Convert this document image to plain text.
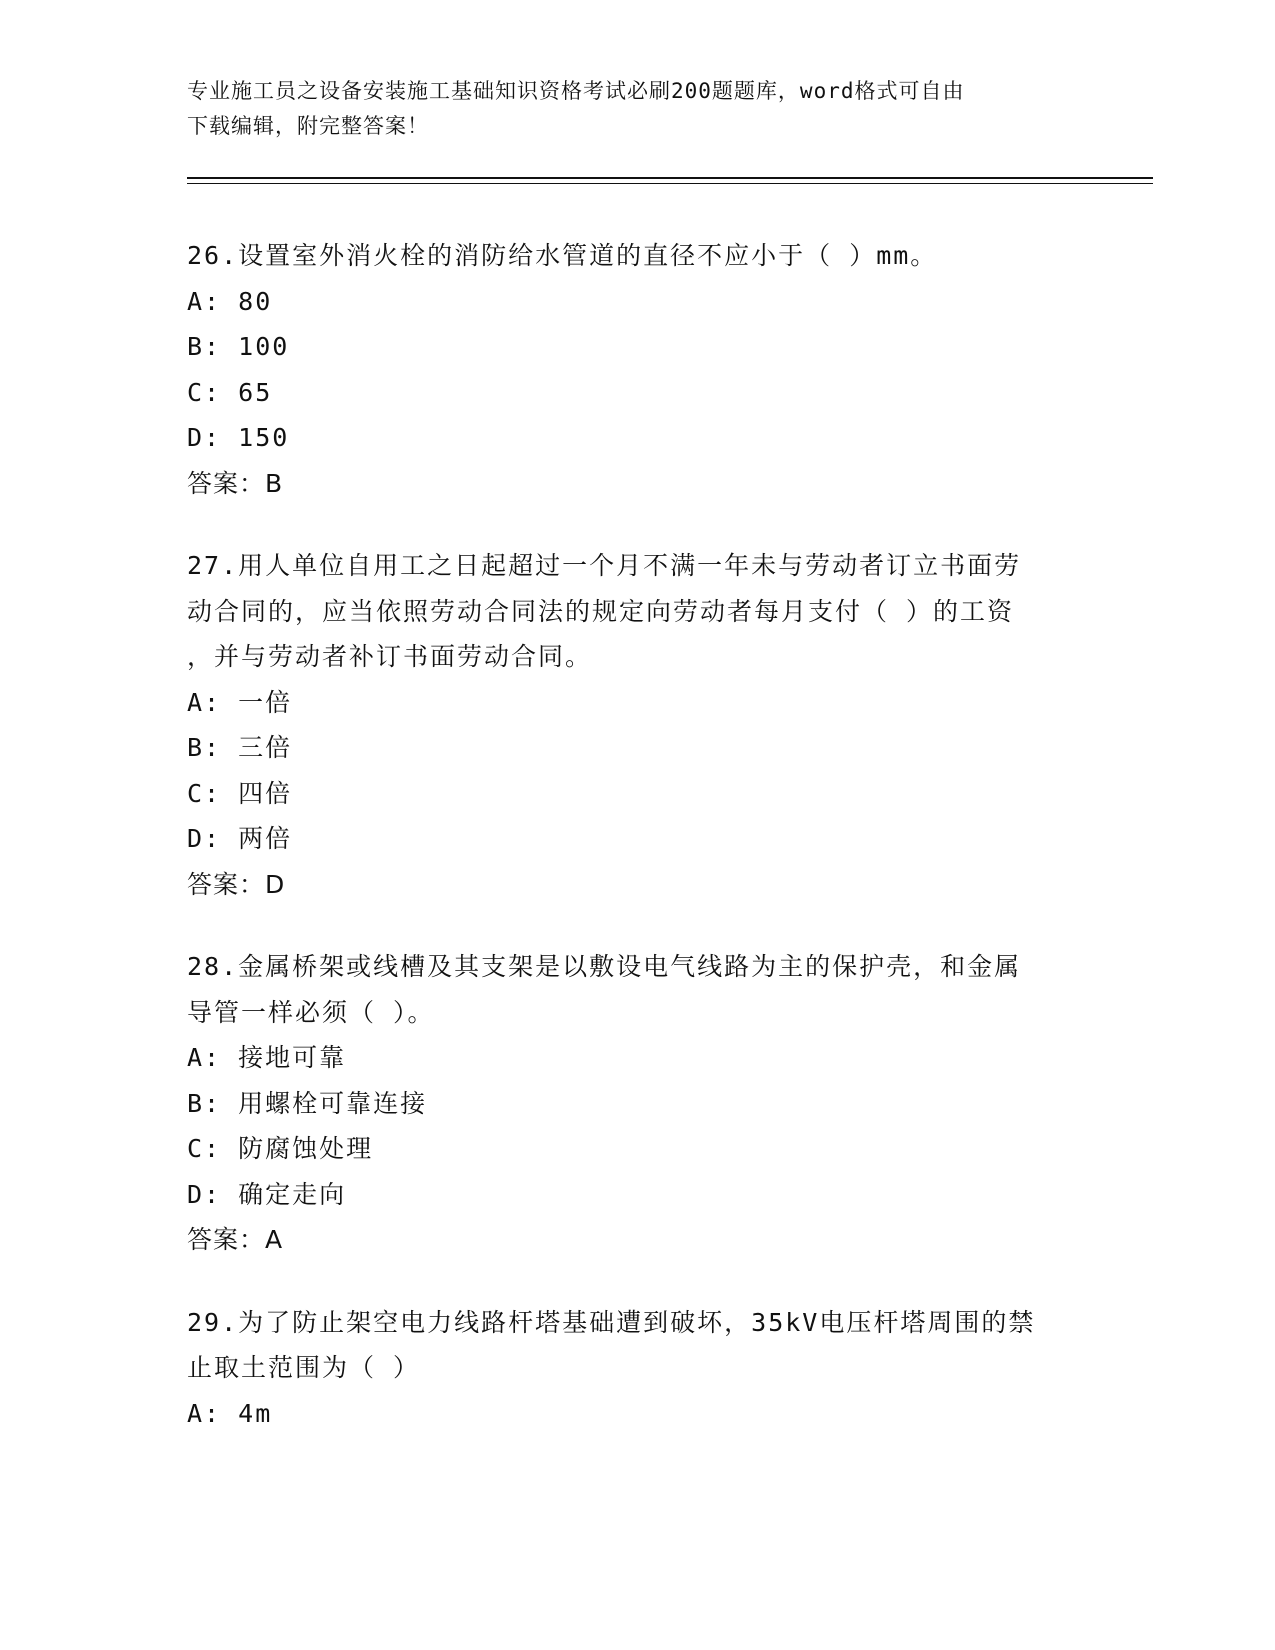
专业施工员之设备安装施工基础知识资格考试必刷200题题库，word格式可自由
下载编辑，附完整答案！
26.设置室外消火栓的消防给水管道的直径不应小于（ ）mm。
A: 80
B: 100
C: 65
D: 150
答案：B
27.用人单位自用工之日起超过一个月不满一年未与劳动者订立书面劳
动合同的，应当依照劳动合同法的规定向劳动者每月支付（ ）的工资
，并与劳动者补订书面劳动合同。
A: 一倍
B: 三倍
C: 四倍
D: 两倍
答案：D
28.金属桥架或线槽及其支架是以敷设电气线路为主的保护壳，和金属
导管一样必须（ ）。
A: 接地可靠
B: 用螺栓可靠连接
C: 防腐蚀处理
D: 确定走向
答案：A
29.为了防止架空电力线路杆塔基础遭到破坏，35kV电压杆塔周围的禁
止取土范围为（ ）
A: 4m
